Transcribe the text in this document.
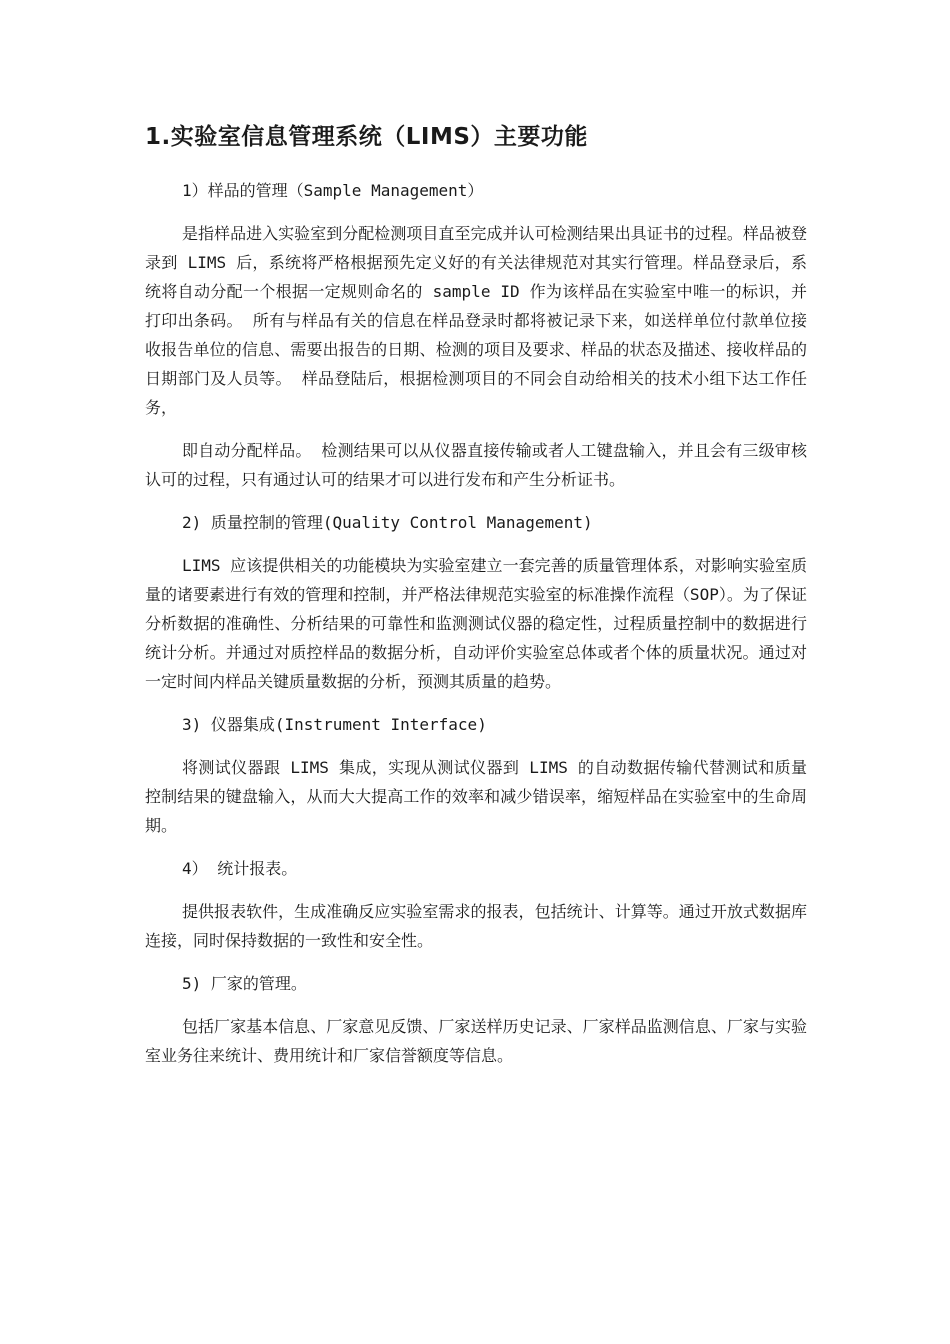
1.实验室信息管理系统（LIMS）主要功能

1）样品的管理（Sample Management）

是指样品进入实验室到分配检测项目直至完成并认可检测结果出具证书的过程。样品被登录到 LIMS 后，系统将严格根据预先定义好的有关法律规范对其实行管理。样品登录后，系统将自动分配一个根据一定规则命名的 sample ID 作为该样品在实验室中唯一的标识，并打印出条码。 所有与样品有关的信息在样品登录时都将被记录下来，如送样单位付款单位接收报告单位的信息、需要出报告的日期、检测的项目及要求、样品的状态及描述、接收样品的日期部门及人员等。 样品登陆后，根据检测项目的不同会自动给相关的技术小组下达工作任务，

即自动分配样品。 检测结果可以从仪器直接传输或者人工键盘输入，并且会有三级审核认可的过程，只有通过认可的结果才可以进行发布和产生分析证书。

2) 质量控制的管理(Quality Control Management)

LIMS 应该提供相关的功能模块为实验室建立一套完善的质量管理体系，对影响实验室质量的诸要素进行有效的管理和控制，并严格法律规范实验室的标准操作流程（SOP）。为了保证分析数据的准确性、分析结果的可靠性和监测测试仪器的稳定性，过程质量控制中的数据进行统计分析。并通过对质控样品的数据分析，自动评价实验室总体或者个体的质量状况。通过对一定时间内样品关键质量数据的分析，预测其质量的趋势。

3) 仪器集成(Instrument Interface)

将测试仪器跟 LIMS 集成，实现从测试仪器到 LIMS 的自动数据传输代替测试和质量控制结果的键盘输入，从而大大提高工作的效率和减少错误率，缩短样品在实验室中的生命周期。

4） 统计报表。

提供报表软件，生成准确反应实验室需求的报表，包括统计、计算等。通过开放式数据库连接，同时保持数据的一致性和安全性。

5) 厂家的管理。

包括厂家基本信息、厂家意见反馈、厂家送样历史记录、厂家样品监测信息、厂家与实验室业务往来统计、费用统计和厂家信誉额度等信息。
